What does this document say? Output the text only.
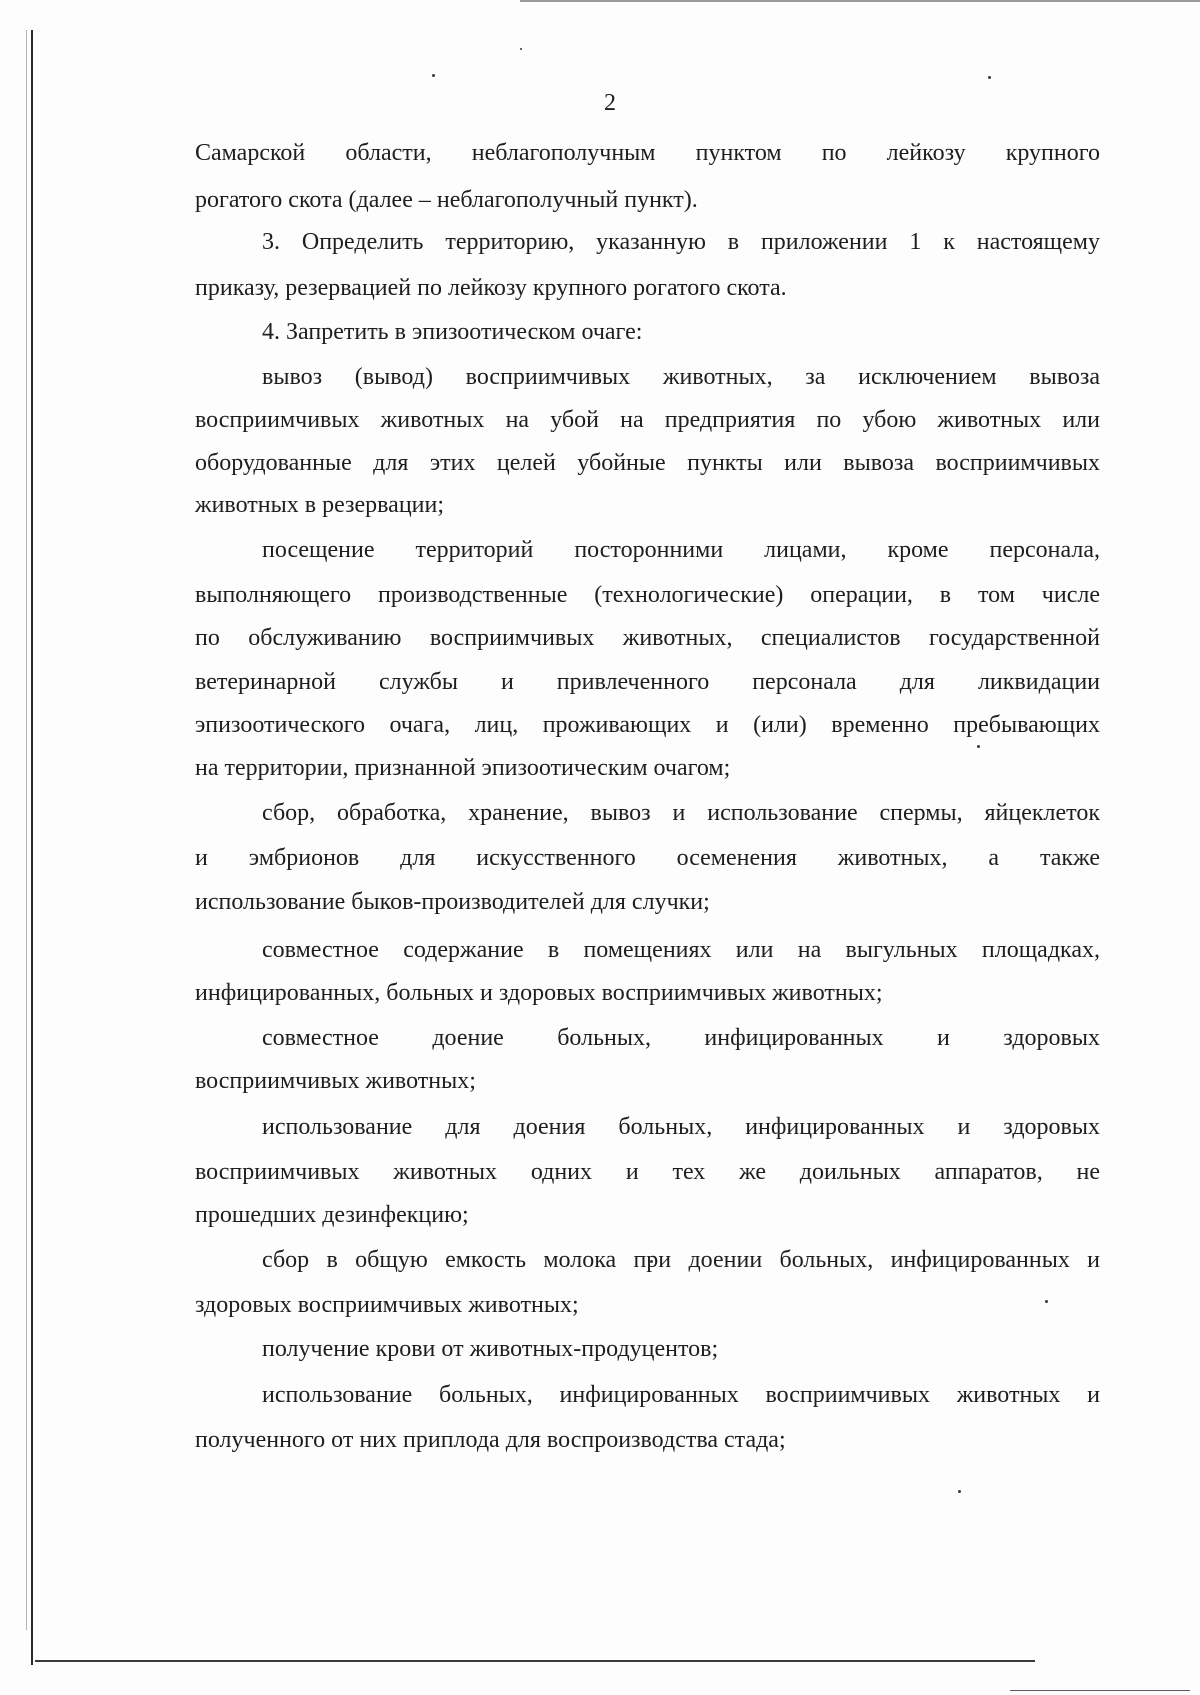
2
Самарской области, неблагополучным пунктом по лейкозу крупного
рогатого скота (далее – неблагополучный пункт).
3. Определить территорию, указанную в приложении 1 к настоящему
приказу, резервацией по лейкозу крупного рогатого скота.
4. Запретить в эпизоотическом очаге:
вывоз (вывод) восприимчивых животных, за исключением вывоза
восприимчивых животных на убой на предприятия по убою животных или
оборудованные для этих целей убойные пункты или вывоза восприимчивых
животных в резервации;
посещение территорий посторонними лицами, кроме персонала,
выполняющего производственные (технологические) операции, в том числе
по обслуживанию восприимчивых животных, специалистов государственной
ветеринарной службы и привлеченного персонала для ликвидации
эпизоотического очага, лиц, проживающих и (или) временно пребывающих
на территории, признанной эпизоотическим очагом;
сбор, обработка, хранение, вывоз и использование спермы, яйцеклеток
и эмбрионов для искусственного осеменения животных, а также
использование быков-производителей для случки;
совместное содержание в помещениях или на выгульных площадках,
инфицированных, больных и здоровых восприимчивых животных;
совместное доение больных, инфицированных и здоровых
восприимчивых животных;
использование для доения больных, инфицированных и здоровых
восприимчивых животных одних и тех же доильных аппаратов, не
прошедших дезинфекцию;
сбор в общую емкость молока при доении больных, инфицированных и
здоровых восприимчивых животных;
получение крови от животных-продуцентов;
использование больных, инфицированных восприимчивых животных и
полученного от них приплода для воспроизводства стада;
